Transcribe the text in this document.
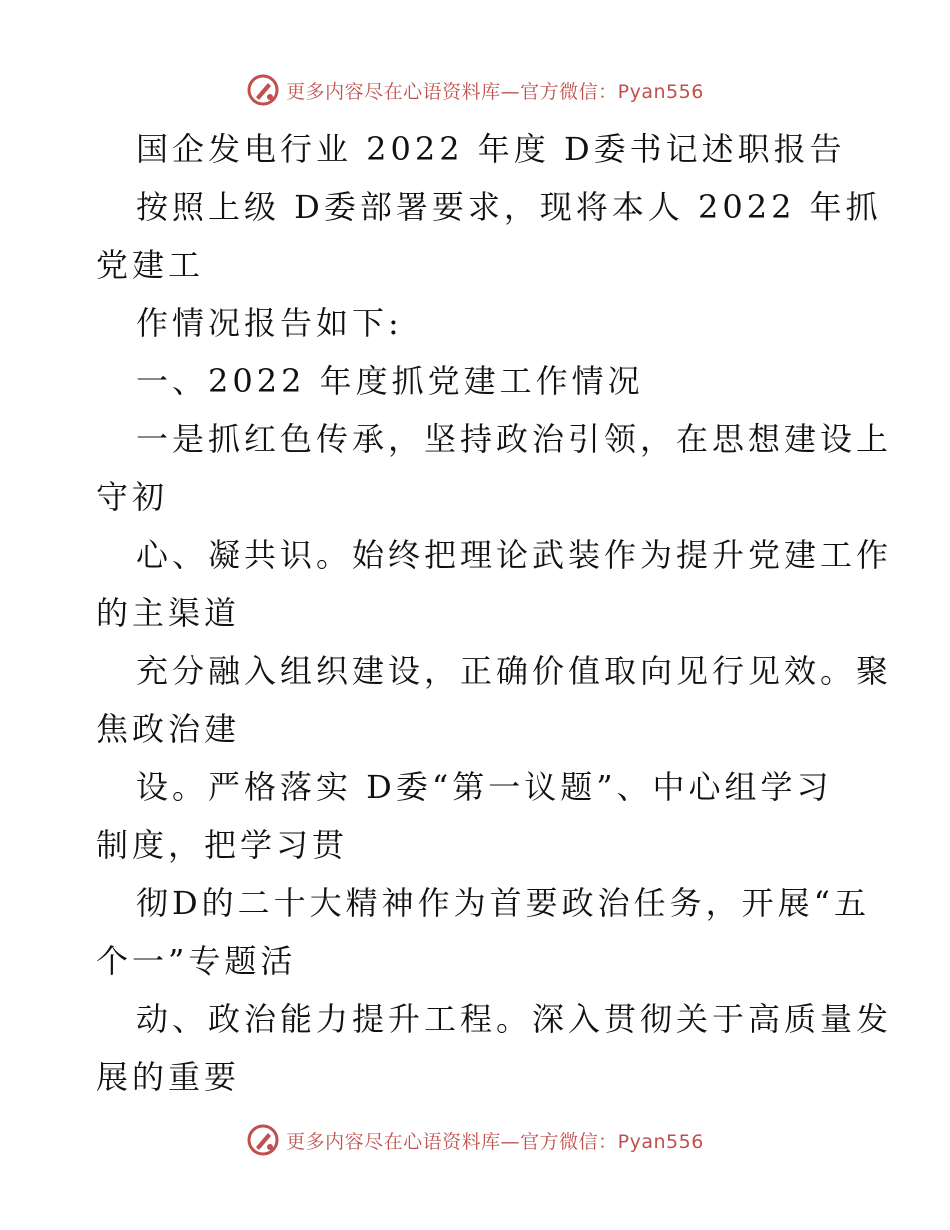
更多内容尽在心语资料库—官方微信：Pyan556
国企发电行业 2022 年度 D委书记述职报告
按照上级 D委部署要求，现将本人 2022 年抓
党建工
作情况报告如下:
一、2022 年度抓党建工作情况
一是抓红色传承，坚持政治引领，在思想建设上
守初
心、凝共识。始终把理论武装作为提升党建工作
的主渠道
充分融入组织建设，正确价值取向见行见效。聚
焦政治建
设。严格落实 D委“第一议题”、中心组学习
制度，把学习贯
彻D的二十大精神作为首要政治任务，开展“五
个一”专题活
动、政治能力提升工程。深入贯彻关于高质量发
展的重要
更多内容尽在心语资料库—官方微信：Pyan556
